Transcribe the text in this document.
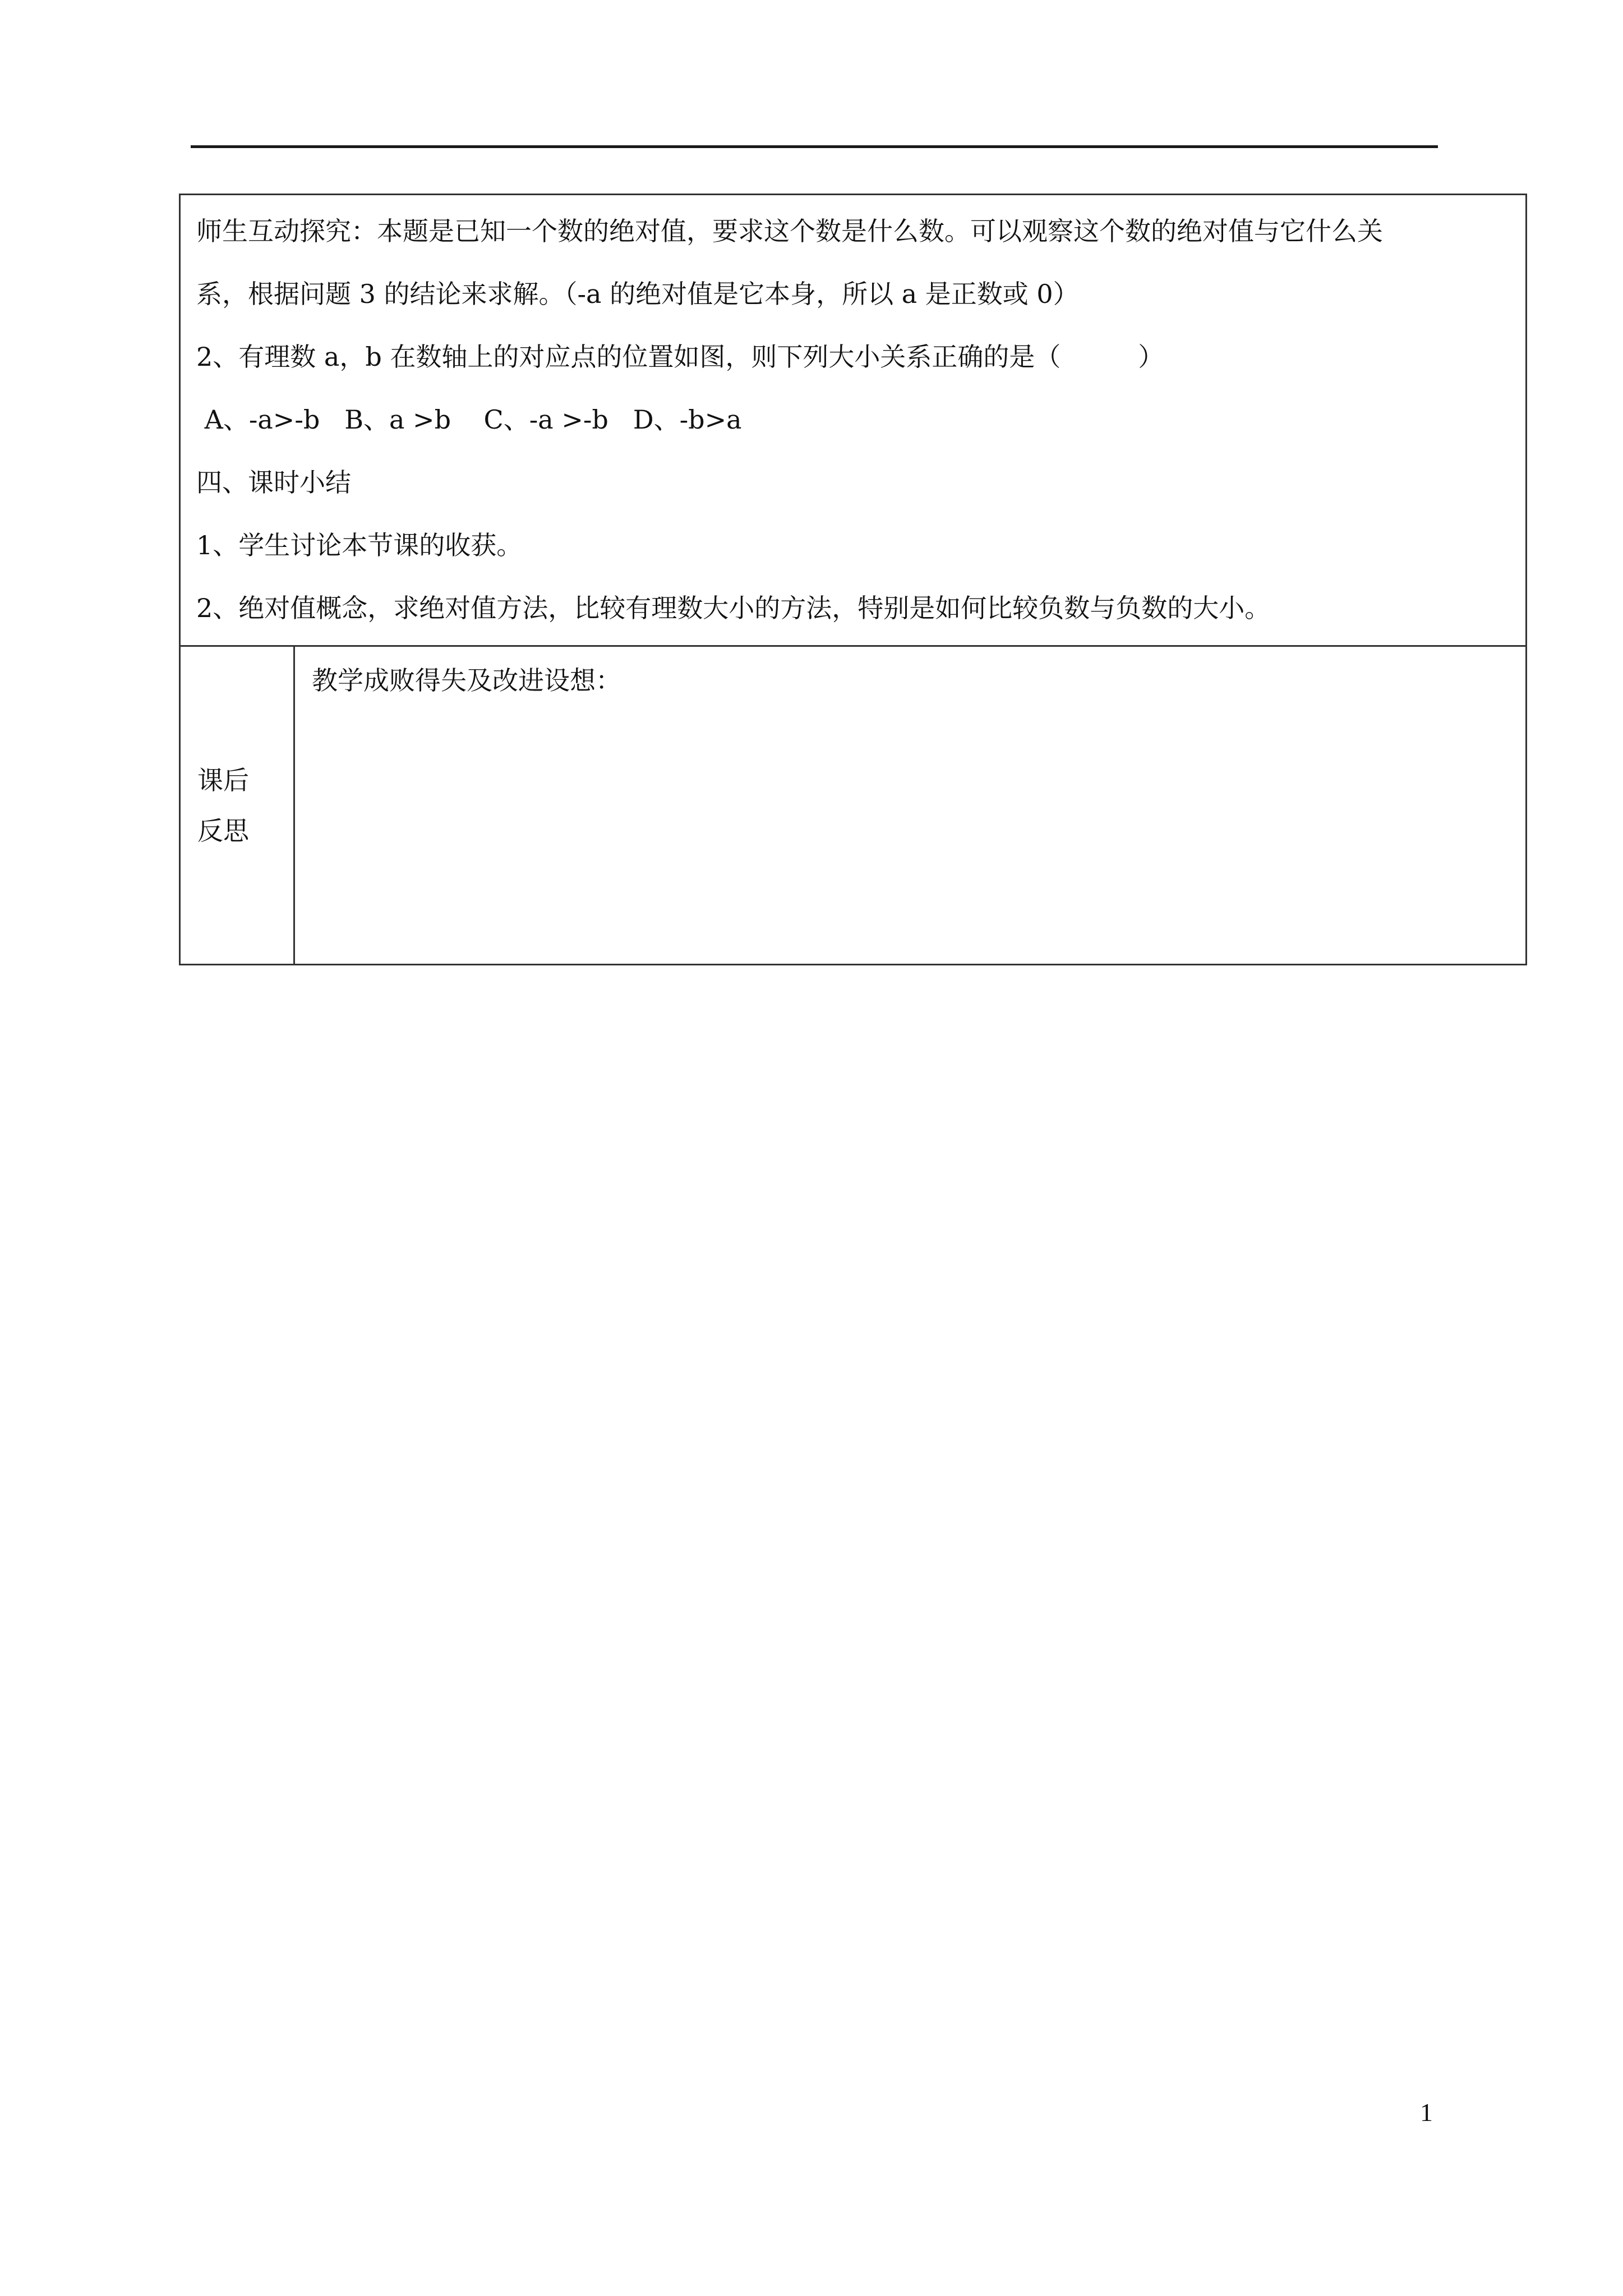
师生互动探究：本题是已知一个数的绝对值，要求这个数是什么数。可以观察这个数的绝对值与它什么关
系，根据问题 3 的结论来求解。（-a 的绝对值是它本身，所以 a 是正数或 0）
2、有理数 a，b 在数轴上的对应点的位置如图，则下列大小关系正确的是（　　　）
A、-a>-b   B、a >b    C、-a >-b   D、-b>a
四、课时小结
1、学生讨论本节课的收获。
2、绝对值概念，求绝对值方法，比较有理数大小的方法，特别是如何比较负数与负数的大小。
课后
反思
教学成败得失及改进设想：
1
